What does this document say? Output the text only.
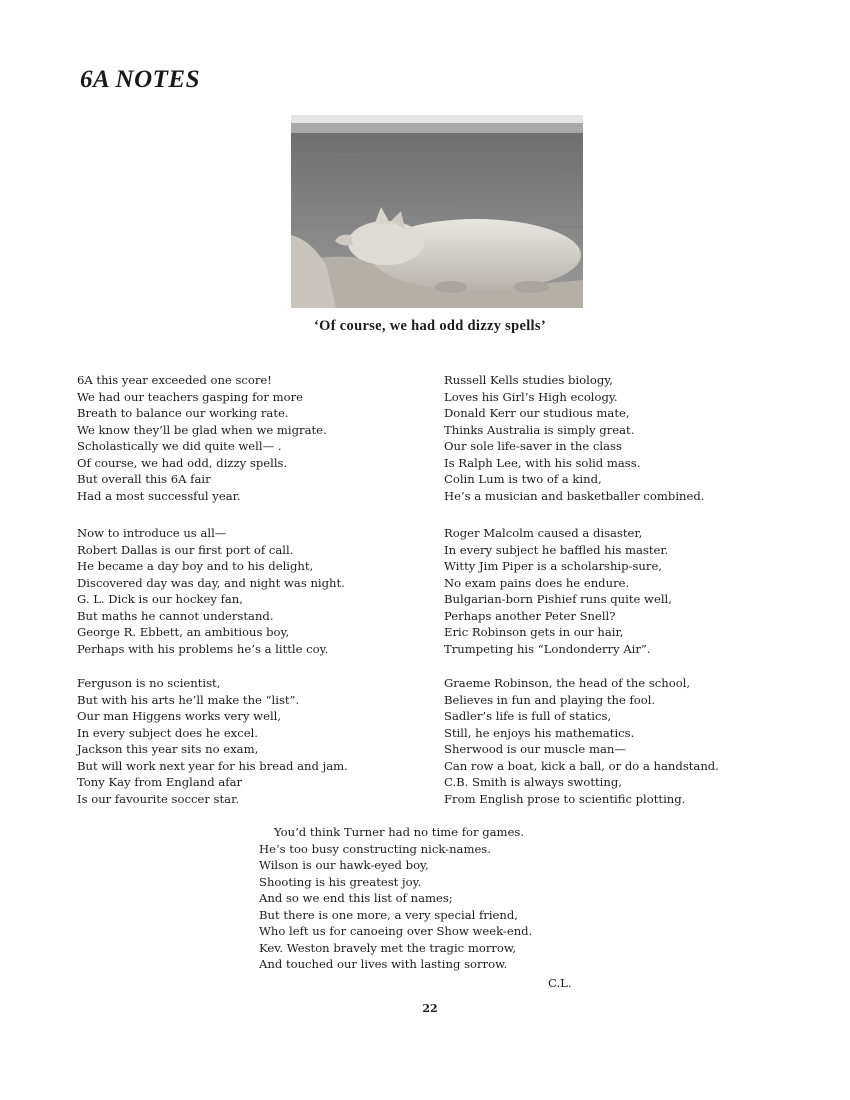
6A NOTES
‘Of course, we had odd dizzy spells’
6A this year exceeded one score!
We had our teachers gasping for more
Breath to balance our working rate.
We know they’ll be glad when we migrate.
Scholastically we did quite well— .
Of course, we had odd, dizzy spells.
But overall this 6A fair
Had a most successful year.
Now to introduce us all—
Robert Dallas is our first port of call.
He became a day boy and to his delight,
Discovered day was day, and night was night.
G. L. Dick is our hockey fan,
But maths he cannot understand.
George R. Ebbett, an ambitious boy,
Perhaps with his problems he’s a little coy.
Ferguson is no scientist,
But with his arts he’ll make the “list”.
Our man Higgens works very well,
In every subject does he excel.
Jackson this year sits no exam,
But will work next year for his bread and jam.
Tony Kay from England afar
Is our favourite soccer star.
Russell Kells studies biology,
Loves his Girl’s High ecology.
Donald Kerr our studious mate,
Thinks Australia is simply great.
Our sole life-saver in the class
Is Ralph Lee, with his solid mass.
Colin Lum is two of a kind,
He’s a musician and basketballer combined.
Roger Malcolm caused a disaster,
In every subject he baffled his master.
Witty Jim Piper is a scholarship-sure,
No exam pains does he endure.
Bulgarian-born Pishief runs quite well,
Perhaps another Peter Snell?
Eric Robinson gets in our hair,
Trumpeting his “Londonderry Air”.
Graeme Robinson, the head of the school,
Believes in fun and playing the fool.
Sadler’s life is full of statics,
Still, he enjoys his mathematics.
Sherwood is our muscle man—
Can row a boat, kick a ball, or do a handstand.
C.B. Smith is always swotting,
From English prose to scientific plotting.
You’d think Turner had no time for games.
He’s too busy constructing nick-names.
Wilson is our hawk-eyed boy,
Shooting is his greatest joy.
And so we end this list of names;
But there is one more, a very special friend,
Who left us for canoeing over Show week-end.
Kev. Weston bravely met the tragic morrow,
And touched our lives with lasting sorrow.
C.L.
22
